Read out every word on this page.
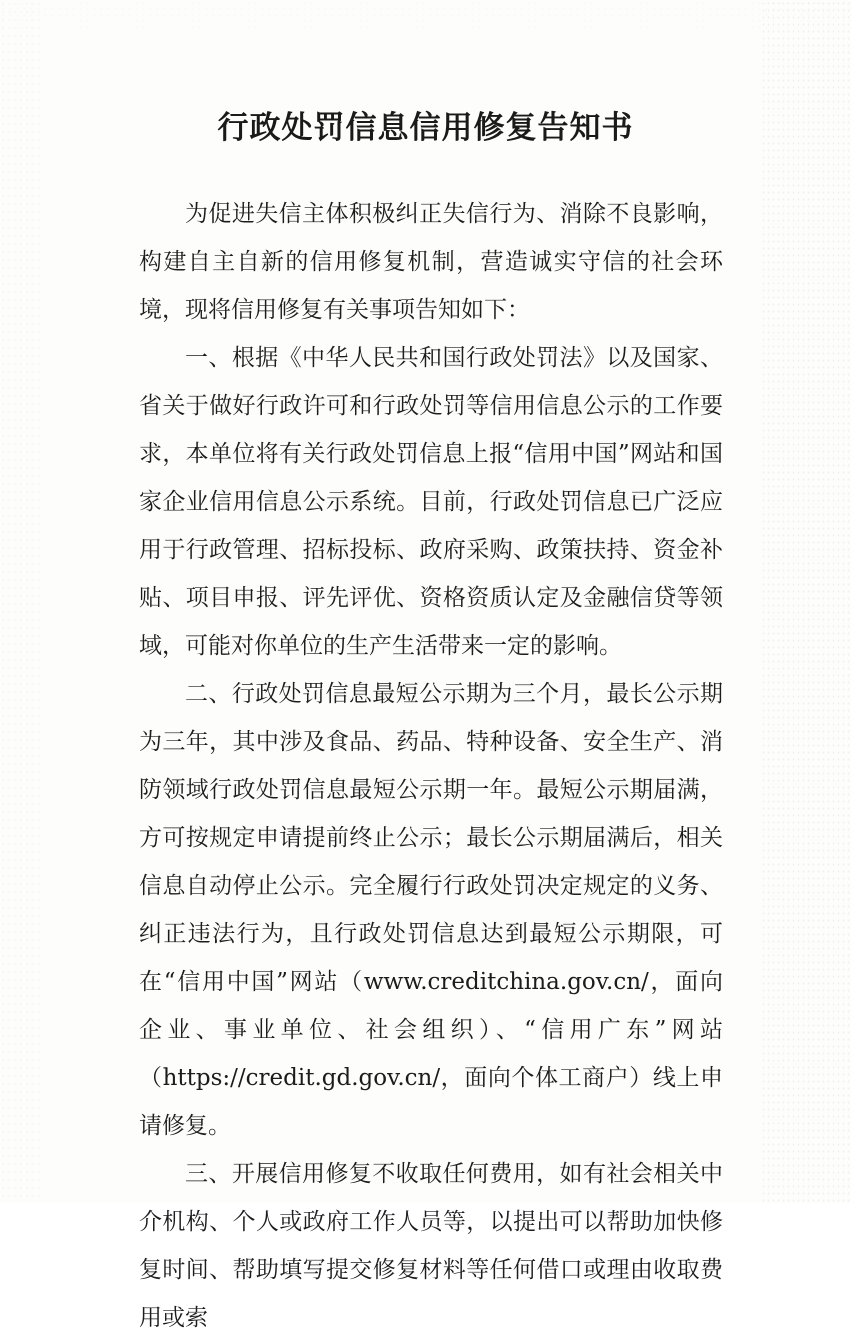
行政处罚信息信用修复告知书

为促进失信主体积极纠正失信行为、消除不良影响，构建自主自新的信用修复机制，营造诚实守信的社会环境，现将信用修复有关事项告知如下：

一、根据《中华人民共和国行政处罚法》以及国家、省关于做好行政许可和行政处罚等信用信息公示的工作要求，本单位将有关行政处罚信息上报“信用中国”网站和国家企业信用信息公示系统。目前，行政处罚信息已广泛应用于行政管理、招标投标、政府采购、政策扶持、资金补贴、项目申报、评先评优、资格资质认定及金融信贷等领域，可能对你单位的生产生活带来一定的影响。

二、行政处罚信息最短公示期为三个月，最长公示期为三年，其中涉及食品、药品、特种设备、安全生产、消防领域行政处罚信息最短公示期一年。最短公示期届满，方可按规定申请提前终止公示；最长公示期届满后，相关信息自动停止公示。完全履行行政处罚决定规定的义务、纠正违法行为，且行政处罚信息达到最短公示期限，可在“信用中国”网站（www.creditchina.gov.cn/，面向企业、事业单位、社会组织）、“信用广东”网站（https://credit.gd.gov.cn/，面向个体工商户）线上申请修复。

三、开展信用修复不收取任何费用，如有社会相关中介机构、个人或政府工作人员等，以提出可以帮助加快修复时间、帮助填写提交修复材料等任何借口或理由收取费用或索
